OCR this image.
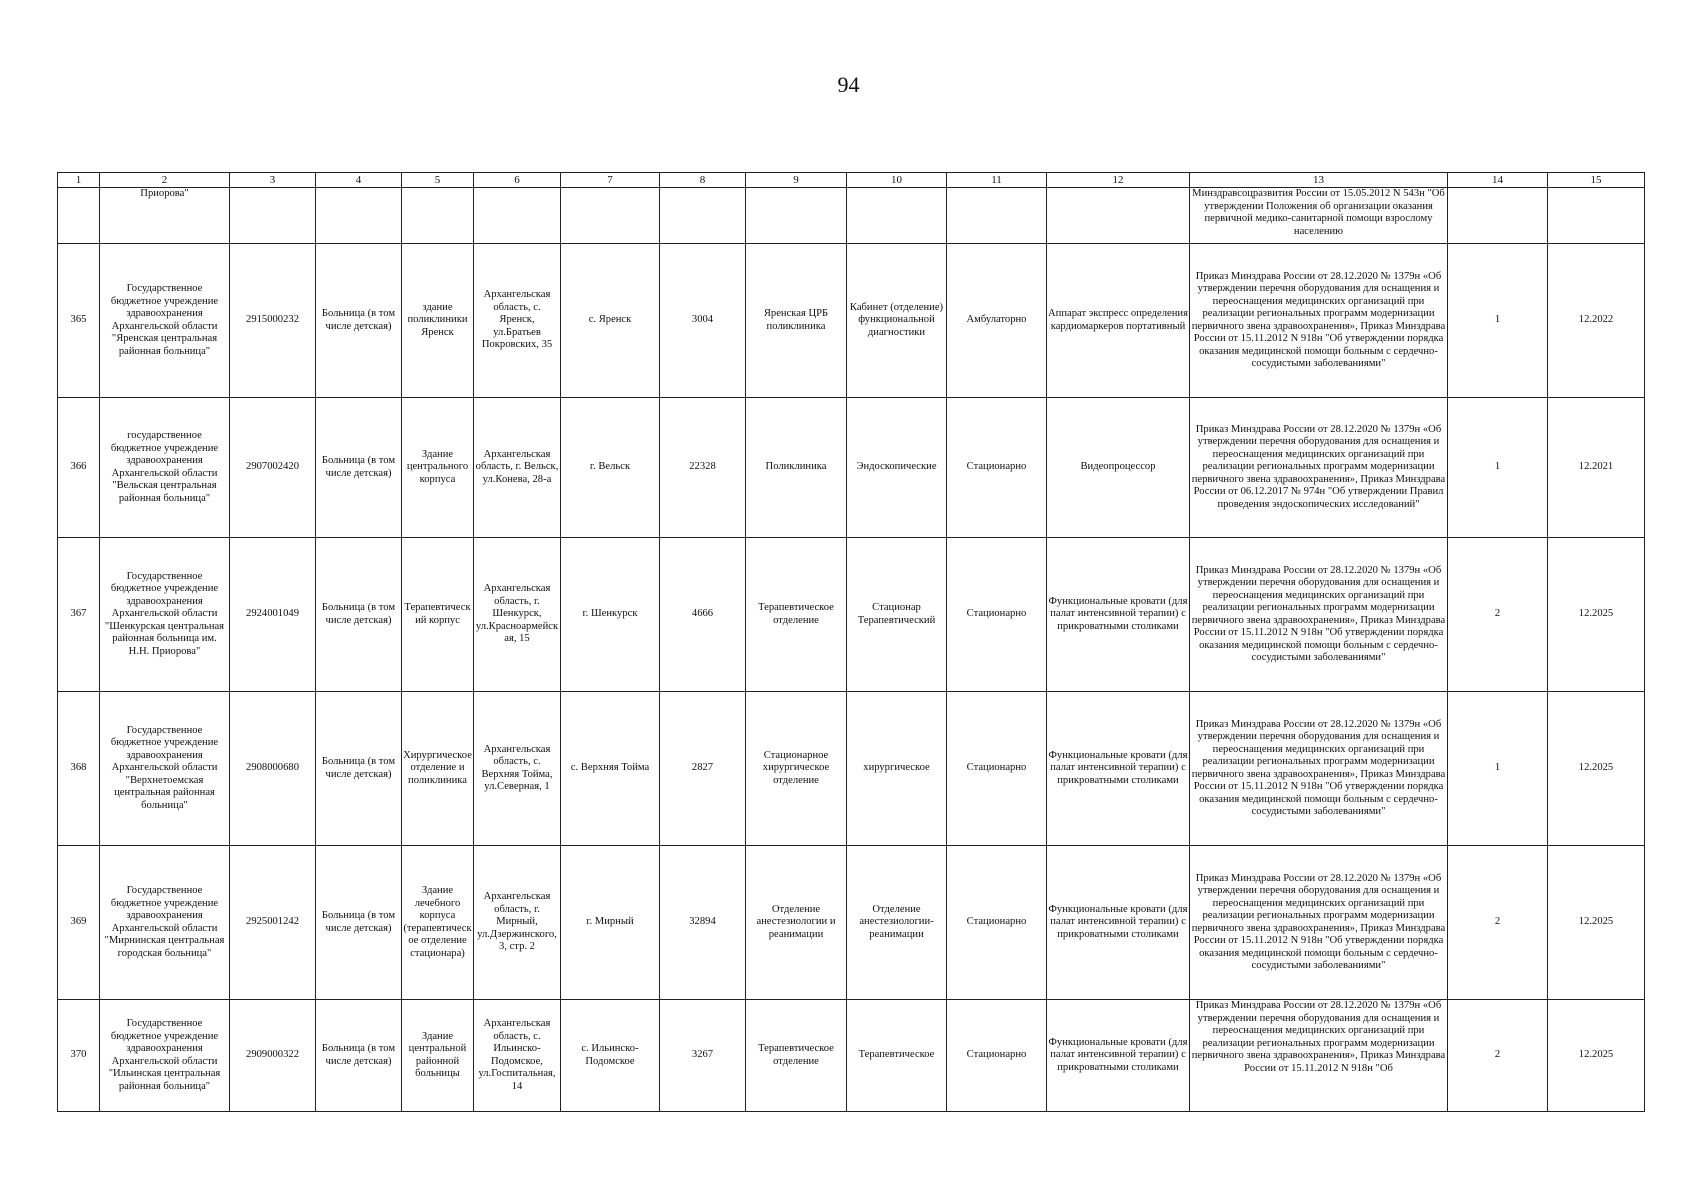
94
1	2	3	4	5	6	7	8	9	10	11	12	13	14	15
	Приорова"											Минздравсоцразвития России от 15.05.2012 N 543н "Об утверждении Положения об организации оказания первичной медико-санитарной помощи взрослому населению		
365	Государственное бюджетное учреждение здравоохранения Архангельской области "Яренская центральная районная больница"	2915000232	Больница (в том числе детская)	здание поликлиники Яренск	Архангельская область, с. Яренск, ул.Братьев Покровских, 35	с. Яренск	3004	Яренская ЦРБ поликлиника	Кабинет (отделение) функциональной диагностики	Амбулаторно	Аппарат экспресс определения кардиомаркеров портативный	Приказ Минздрава России от 28.12.2020 № 1379н «Об утверждении перечня оборудования для оснащения и переоснащения медицинских организаций при реализации региональных программ модернизации первичного звена здравоохранения», Приказ Минздрава России от 15.11.2012 N 918н "Об утверждении порядка оказания медицинской помощи больным с сердечно-сосудистыми заболеваниями"	1	12.2022
366	государственное бюджетное учреждение здравоохранения Архангельской области "Вельская центральная районная больница"	2907002420	Больница (в том числе детская)	Здание центрального корпуса	Архангельская область, г. Вельск, ул.Конева, 28-а	г. Вельск	22328	Поликлиника	Эндоскопические	Стационарно	Видеопроцессор	Приказ Минздрава России от 28.12.2020 № 1379н «Об утверждении перечня оборудования для оснащения и переоснащения медицинских организаций при реализации региональных программ модернизации первичного звена здравоохранения», Приказ Минздрава России от 06.12.2017 № 974н "Об утверждении Правил проведения эндоскопических исследований"	1	12.2021
367	Государственное бюджетное учреждение здравоохранения Архангельской области "Шенкурская центральная районная больница им. Н.Н. Приорова"	2924001049	Больница (в том числе детская)	Терапевтический корпус	Архангельская область, г. Шенкурск, ул.Красноармейская, 15	г. Шенкурск	4666	Терапевтическое отделение	Стационар Терапевтический	Стационарно	Функциональные кровати (для палат интенсивной терапии) с прикроватными столиками	Приказ Минздрава России от 28.12.2020 № 1379н «Об утверждении перечня оборудования для оснащения и переоснащения медицинских организаций при реализации региональных программ модернизации первичного звена здравоохранения», Приказ Минздрава России от 15.11.2012 N 918н "Об утверждении порядка оказания медицинской помощи больным с сердечно-сосудистыми заболеваниями"	2	12.2025
368	Государственное бюджетное учреждение здравоохранения Архангельской области "Верхнетоемская центральная районная больница"	2908000680	Больница (в том числе детская)	Хирургическое отделение и поликлиника	Архангельская область, с. Верхняя Тойма, ул.Северная, 1	с. Верхняя Тойма	2827	Стационарное хирургическое отделение	хирургическое	Стационарно	Функциональные кровати (для палат интенсивной терапии) с прикроватными столиками	Приказ Минздрава России от 28.12.2020 № 1379н «Об утверждении перечня оборудования для оснащения и переоснащения медицинских организаций при реализации региональных программ модернизации первичного звена здравоохранения», Приказ Минздрава России от 15.11.2012 N 918н "Об утверждении порядка оказания медицинской помощи больным с сердечно-сосудистыми заболеваниями"	1	12.2025
369	Государственное бюджетное учреждение здравоохранения Архангельской области "Мирнинская центральная городская больница"	2925001242	Больница (в том числе детская)	Здание лечебного корпуса (терапевтическое отделение стационара)	Архангельская область, г. Мирный, ул.Дзержинского, 3, стр. 2	г. Мирный	32894	Отделение анестезиологии и реанимации	Отделение анестезиологии-реанимации	Стационарно	Функциональные кровати (для палат интенсивной терапии) с прикроватными столиками	Приказ Минздрава России от 28.12.2020 № 1379н «Об утверждении перечня оборудования для оснащения и переоснащения медицинских организаций при реализации региональных программ модернизации первичного звена здравоохранения», Приказ Минздрава России от 15.11.2012 N 918н "Об утверждении порядка оказания медицинской помощи больным с сердечно-сосудистыми заболеваниями"	2	12.2025
370	Государственное бюджетное учреждение здравоохранения Архангельской области "Ильинская центральная районная больница"	2909000322	Больница (в том числе детская)	Здание центральной районной больницы	Архангельская область, с. Ильинско-Подомское, ул.Госпитальная, 14	с. Ильинско-Подомское	3267	Терапевтическое отделение	Терапевтическое	Стационарно	Функциональные кровати (для палат интенсивной терапии) с прикроватными столиками	Приказ Минздрава России от 28.12.2020 № 1379н «Об утверждении перечня оборудования для оснащения и переоснащения медицинских организаций при реализации региональных программ модернизации первичного звена здравоохранения», Приказ Минздрава России от 15.11.2012 N 918н "Об	2	12.2025
